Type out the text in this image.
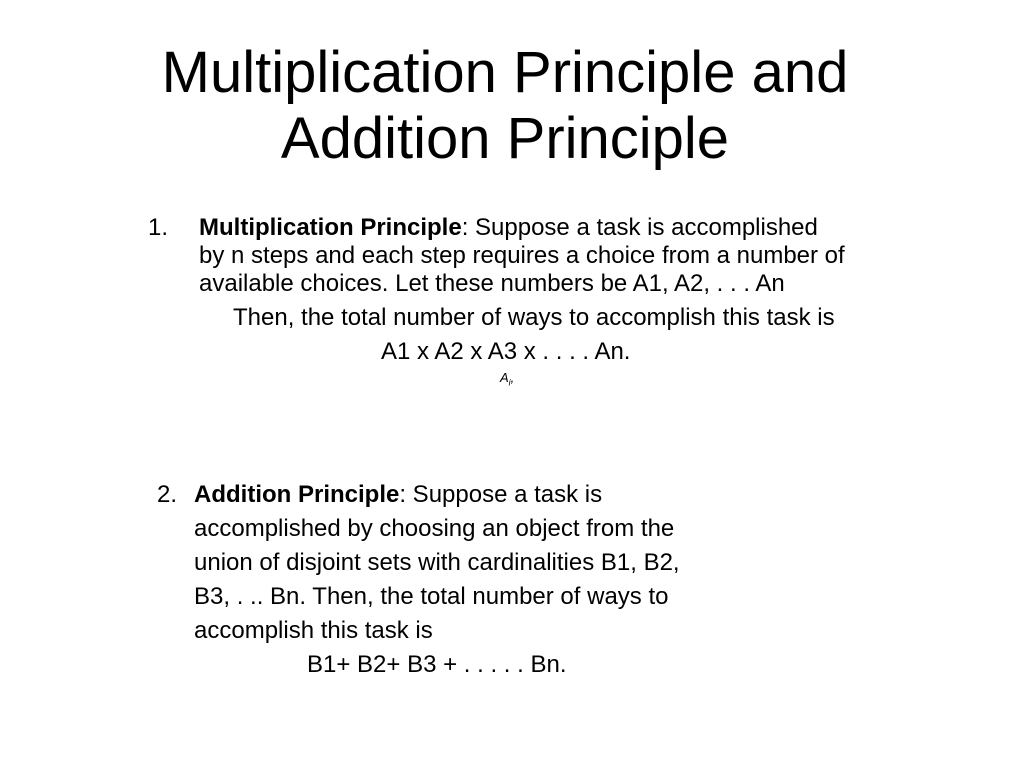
Multiplication Principle and
Addition Principle
1. Multiplication Principle: Suppose a task is accomplished by n steps and each step requires a choice from a number of available choices. Let these numbers be A1, A2, . . . An
Then, the total number of ways to accomplish this task is
A1 x A2 x A3 x . . . . An.
$A_i$,
2. Addition Principle: Suppose a task is
accomplished by choosing an object from the
union of disjoint sets with cardinalities B1, B2,
B3, . .. Bn. Then, the total number of ways to
accomplish this task is
B1+ B2+ B3 + . . . . . Bn.
